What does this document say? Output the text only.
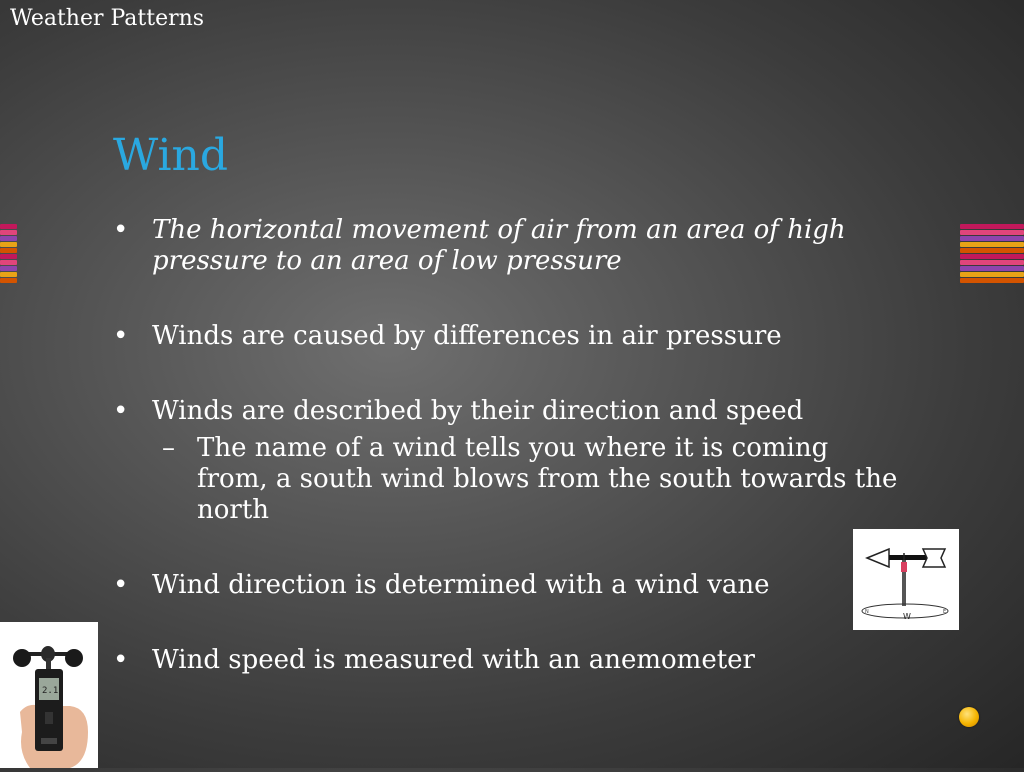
Weather Patterns
Wind
• The horizontal movement of air from an area of high pressure to an area of low pressure
• Winds are caused by differences in air pressure
• Winds are described by their direction and speed
– The name of a wind tells you where it is coming from, a south wind blows from the south towards the north
• Wind direction is determined with a wind vane
• Wind speed is measured with an anemometer
W
N	E
2.1
